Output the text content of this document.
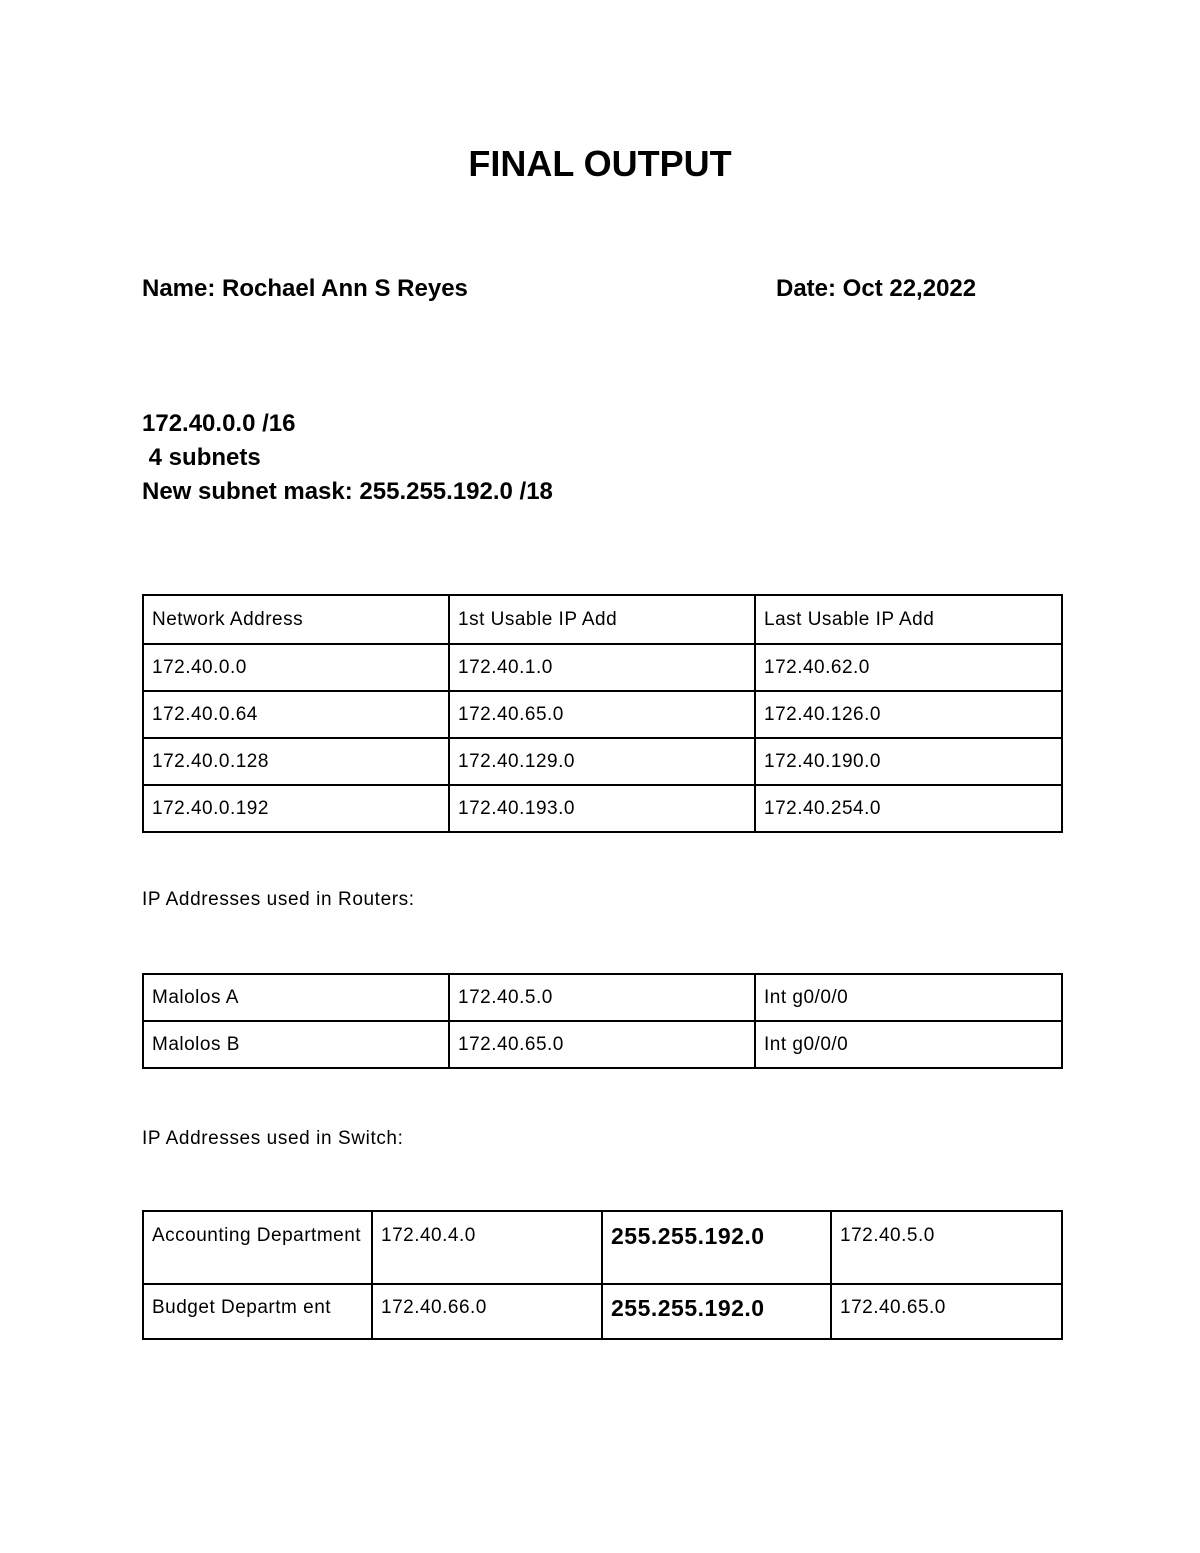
FINAL OUTPUT
Name: Rochael Ann S Reyes	Date: Oct 22,2022
172.40.0.0 /16
4 subnets
New subnet mask: 255.255.192.0 /18
Network Address	1st Usable IP Add	Last Usable IP Add
172.40.0.0	172.40.1.0	172.40.62.0
172.40.0.64	172.40.65.0	172.40.126.0
172.40.0.128	172.40.129.0	172.40.190.0
172.40.0.192	172.40.193.0	172.40.254.0
IP Addresses used in Routers:
Malolos A	172.40.5.0	Int g0/0/0
Malolos B	172.40.65.0	Int g0/0/0
IP Addresses used in Switch:
Accounting Department	172.40.4.0	255.255.192.0	172.40.5.0
Budget Departm ent	172.40.66.0	255.255.192.0	172.40.65.0
